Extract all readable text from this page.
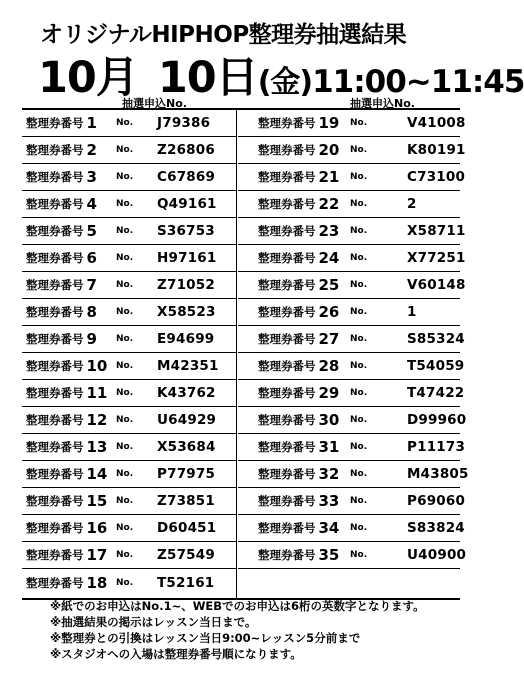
オリジナルHIPHOP整理券抽選結果
10月 10日(金)11:00~11:45
抽選申込No.	抽選申込No.
整理券番号 1 No. J79386
整理券番号 2 No. Z26806
整理券番号 3 No. C67869
整理券番号 4 No. Q49161
整理券番号 5 No. S36753
整理券番号 6 No. H97161
整理券番号 7 No. Z71052
整理券番号 8 No. X58523
整理券番号 9 No. E94699
整理券番号 10 No. M42351
整理券番号 11 No. K43762
整理券番号 12 No. U64929
整理券番号 13 No. X53684
整理券番号 14 No. P77975
整理券番号 15 No. Z73851
整理券番号 16 No. D60451
整理券番号 17 No. Z57549
整理券番号 18 No. T52161
整理券番号 19 No.	V41008
整理券番号 20 No.	K80191
整理券番号 21 No.	C73100
整理券番号 22 No.	2
整理券番号 23 No.	X58711
整理券番号 24 No.	X77251
整理券番号 25 No.	V60148
整理券番号 26 No.	1
整理券番号 27 No.	S85324
整理券番号 28 No.	T54059
整理券番号 29 No.	T47422
整理券番号 30 No.	D99960
整理券番号 31 No.	P11173
整理券番号 32 No.	M43805
整理券番号 33 No.	P69060
整理券番号 34 No.	S83824
整理券番号 35 No.	U40900
※紙でのお申込はNo.1~、WEBでのお申込は6桁の英数字となります。
※抽選結果の掲示はレッスン当日まで。
※整理券との引換はレッスン当日9:00~レッスン5分前まで
※スタジオへの入場は整理券番号順になります。
